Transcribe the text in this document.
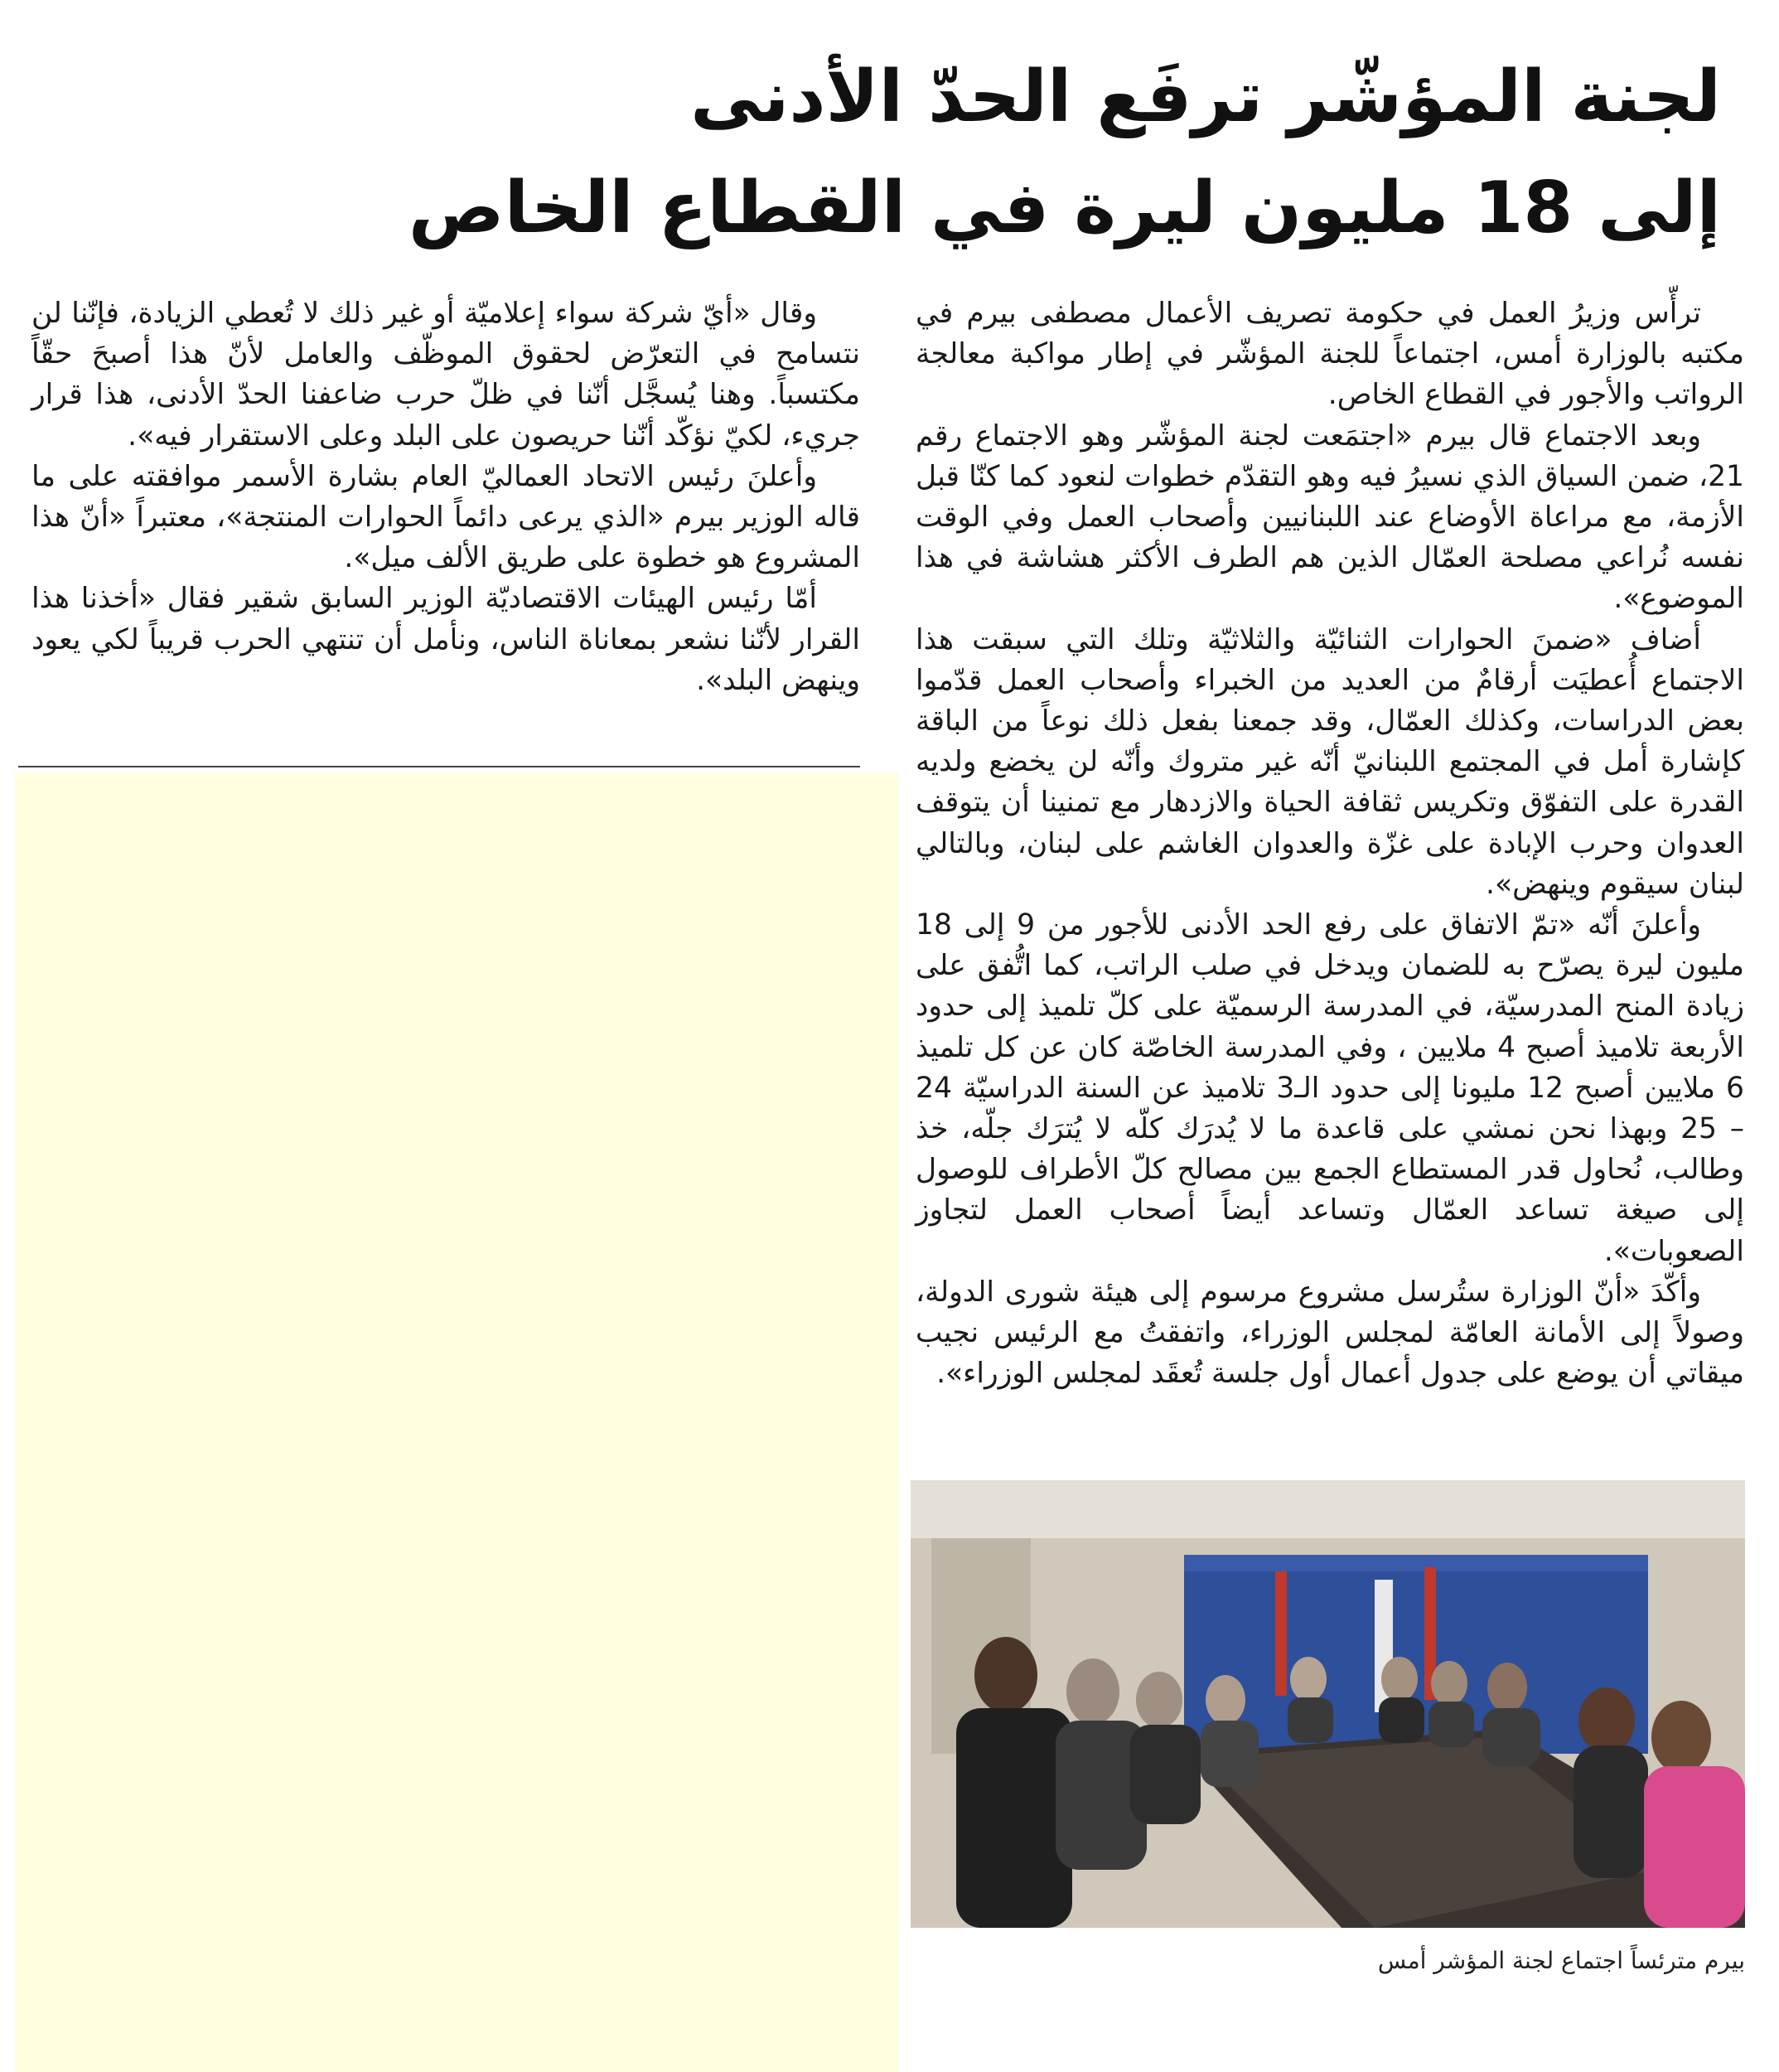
لجنة المؤشّر ترفَع الحدّ الأدنى
إلى 18 مليون ليرة في القطاع الخاص

ترأّس وزيرُ العمل في حكومة تصريف الأعمال مصطفى بيرم في مكتبه بالوزارة أمس، اجتماعاً للجنة المؤشّر في إطار مواكبة معالجة الرواتب والأجور في القطاع الخاص.

وبعد الاجتماع قال بيرم «اجتمَعت لجنة المؤشّر وهو الاجتماع رقم 21، ضمن السياق الذي نسيرُ فيه وهو التقدّم خطوات لنعود كما كنّا قبل الأزمة، مع مراعاة الأوضاع عند اللبنانيين وأصحاب العمل وفي الوقت نفسه نُراعي مصلحة العمّال الذين هم الطرف الأكثر هشاشة في هذا الموضوع».

أضاف «ضمنَ الحوارات الثنائيّة والثلاثيّة وتلك التي سبقت هذا الاجتماع أُعطيَت أرقامٌ من العديد من الخبراء وأصحاب العمل قدّموا بعض الدراسات، وكذلك العمّال، وقد جمعنا بفعل ذلك نوعاً من الباقة كإشارة أمل في المجتمع اللبنانيّ أنّه غير متروك وأنّه لن يخضع ولديه القدرة على التفوّق وتكريس ثقافة الحياة والازدهار مع تمنينا أن يتوقف العدوان وحرب الإبادة على غزّة والعدوان الغاشم على لبنان، وبالتالي لبنان سيقوم وينهض».

وأعلنَ أنّه «تمّ الاتفاق على رفع الحد الأدنى للأجور من 9 إلى 18 مليون ليرة يصرّح به للضمان ويدخل في صلب الراتب، كما اتُّفق على زيادة المنح المدرسيّة، في المدرسة الرسميّة على كلّ تلميذ إلى حدود الأربعة تلاميذ أصبح 4 ملايين ، وفي المدرسة الخاصّة كان عن كل تلميذ 6 ملايين أصبح 12 مليونا إلى حدود الـ3 تلاميذ عن السنة الدراسيّة 24 – 25 وبهذا نحن نمشي على قاعدة ما لا يُدرَك كلّه لا يُترَك جلّه، خذ وطالب، نُحاول قدر المستطاع الجمع بين مصالح كلّ الأطراف للوصول إلى صيغة تساعد العمّال وتساعد أيضاً أصحاب العمل لتجاوز الصعوبات».

وأكّدَ «أنّ الوزارة ستُرسل مشروع مرسوم إلى هيئة شورى الدولة، وصولاً إلى الأمانة العامّة لمجلس الوزراء، واتفقتُ مع الرئيس نجيب ميقاتي أن يوضع على جدول أعمال أول جلسة تُعقَد لمجلس الوزراء».

وقال «أيّ شركة سواء إعلاميّة أو غير ذلك لا تُعطي الزيادة، فإنّنا لن نتسامح في التعرّض لحقوق الموظّف والعامل لأنّ هذا أصبحَ حقّاً مكتسباً. وهنا يُسجَّل أنّنا في ظلّ حرب ضاعفنا الحدّ الأدنى، هذا قرار جريء، لكيّ نؤكّد أنّنا حريصون على البلد وعلى الاستقرار فيه».

وأعلنَ رئيس الاتحاد العماليّ العام بشارة الأسمر موافقته على ما قاله الوزير بيرم «الذي يرعى دائماً الحوارات المنتجة»، معتبراً «أنّ هذا المشروع هو خطوة على طريق الألف ميل».

أمّا رئيس الهيئات الاقتصاديّة الوزير السابق شقير فقال «أخذنا هذا القرار لأنّنا نشعر بمعاناة الناس، ونأمل أن تنتهي الحرب قريباً لكي يعود وينهض البلد».

بيرم مترئساً اجتماع لجنة المؤشر أمس
